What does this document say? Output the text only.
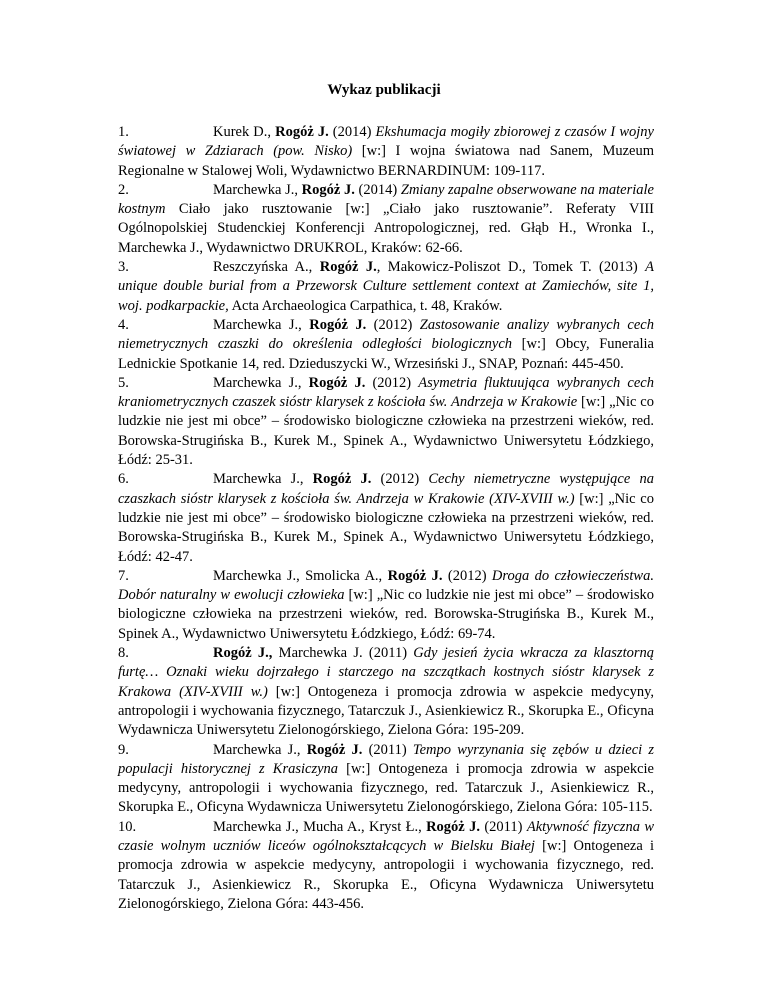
Wykaz publikacji
1.	Kurek D., Rogóż J. (2014) Ekshumacja mogiły zbiorowej z czasów I wojny światowej w Zdziarach (pow. Nisko) [w:] I wojna światowa nad Sanem, Muzeum Regionalne w Stalowej Woli, Wydawnictwo BERNARDINUM: 109-117.
2.	Marchewka J., Rogóż J. (2014) Zmiany zapalne obserwowane na materiale kostnym Ciało jako rusztowanie [w:] „Ciało jako rusztowanie”. Referaty VIII Ogólnopolskiej Studenckiej Konferencji Antropologicznej, red. Głąb H., Wronka I., Marchewka J., Wydawnictwo DRUKROL, Kraków: 62-66.
3.	Reszczyńska A., Rogóż J., Makowicz-Poliszot D., Tomek T. (2013) A unique double burial from a Przeworsk Culture settlement context at Zamiechów, site 1, woj. podkarpackie, Acta Archaeologica Carpathica, t. 48, Kraków.
4.	Marchewka J., Rogóż J. (2012) Zastosowanie analizy wybranych cech niemetrycznych czaszki do określenia odległości biologicznych [w:] Obcy, Funeralia Lednickie Spotkanie 14, red. Dzieduszycki W., Wrzesiński J., SNAP, Poznań: 445-450.
5.	Marchewka J., Rogóż J. (2012) Asymetria fluktuująca wybranych cech kraniometrycznych czaszek sióstr klarysek z kościoła św. Andrzeja w Krakowie [w:] „Nic co ludzkie nie jest mi obce” – środowisko biologiczne człowieka na przestrzeni wieków, red. Borowska-Strugińska B., Kurek M., Spinek A., Wydawnictwo Uniwersytetu Łódzkiego, Łódź: 25-31.
6.	Marchewka J., Rogóż J. (2012) Cechy niemetryczne występujące na czaszkach sióstr klarysek z kościoła św. Andrzeja w Krakowie (XIV-XVIII w.) [w:] „Nic co ludzkie nie jest mi obce” – środowisko biologiczne człowieka na przestrzeni wieków, red. Borowska-Strugińska B., Kurek M., Spinek A., Wydawnictwo Uniwersytetu Łódzkiego, Łódź: 42-47.
7.	Marchewka J., Smolicka A., Rogóż J. (2012) Droga do człowieczeństwa. Dobór naturalny w ewolucji człowieka [w:] „Nic co ludzkie nie jest mi obce” – środowisko biologiczne człowieka na przestrzeni wieków, red. Borowska-Strugińska B., Kurek M., Spinek A., Wydawnictwo Uniwersytetu Łódzkiego, Łódź: 69-74.
8.	Rogóż J., Marchewka J. (2011) Gdy jesień życia wkracza za klasztorną furtę… Oznaki wieku dojrzałego i starczego na szczątkach kostnych sióstr klarysek z Krakowa (XIV-XVIII w.) [w:] Ontogeneza i promocja zdrowia w aspekcie medycyny, antropologii i wychowania fizycznego, Tatarczuk J., Asienkiewicz R., Skorupka E., Oficyna Wydawnicza Uniwersytetu Zielonogórskiego, Zielona Góra: 195-209.
9.	Marchewka J., Rogóż J. (2011) Tempo wyrzynania się zębów u dzieci z populacji historycznej z Krasiczyna [w:] Ontogeneza i promocja zdrowia w aspekcie medycyny, antropologii i wychowania fizycznego, red. Tatarczuk J., Asienkiewicz R., Skorupka E., Oficyna Wydawnicza Uniwersytetu Zielonogórskiego, Zielona Góra: 105-115.
10.	Marchewka J., Mucha A., Kryst Ł., Rogóż J. (2011) Aktywność fizyczna w czasie wolnym uczniów liceów ogólnokształcących w Bielsku Białej [w:] Ontogeneza i promocja zdrowia w aspekcie medycyny, antropologii i wychowania fizycznego, red. Tatarczuk J., Asienkiewicz R., Skorupka E., Oficyna Wydawnicza Uniwersytetu Zielonogórskiego, Zielona Góra: 443-456.
